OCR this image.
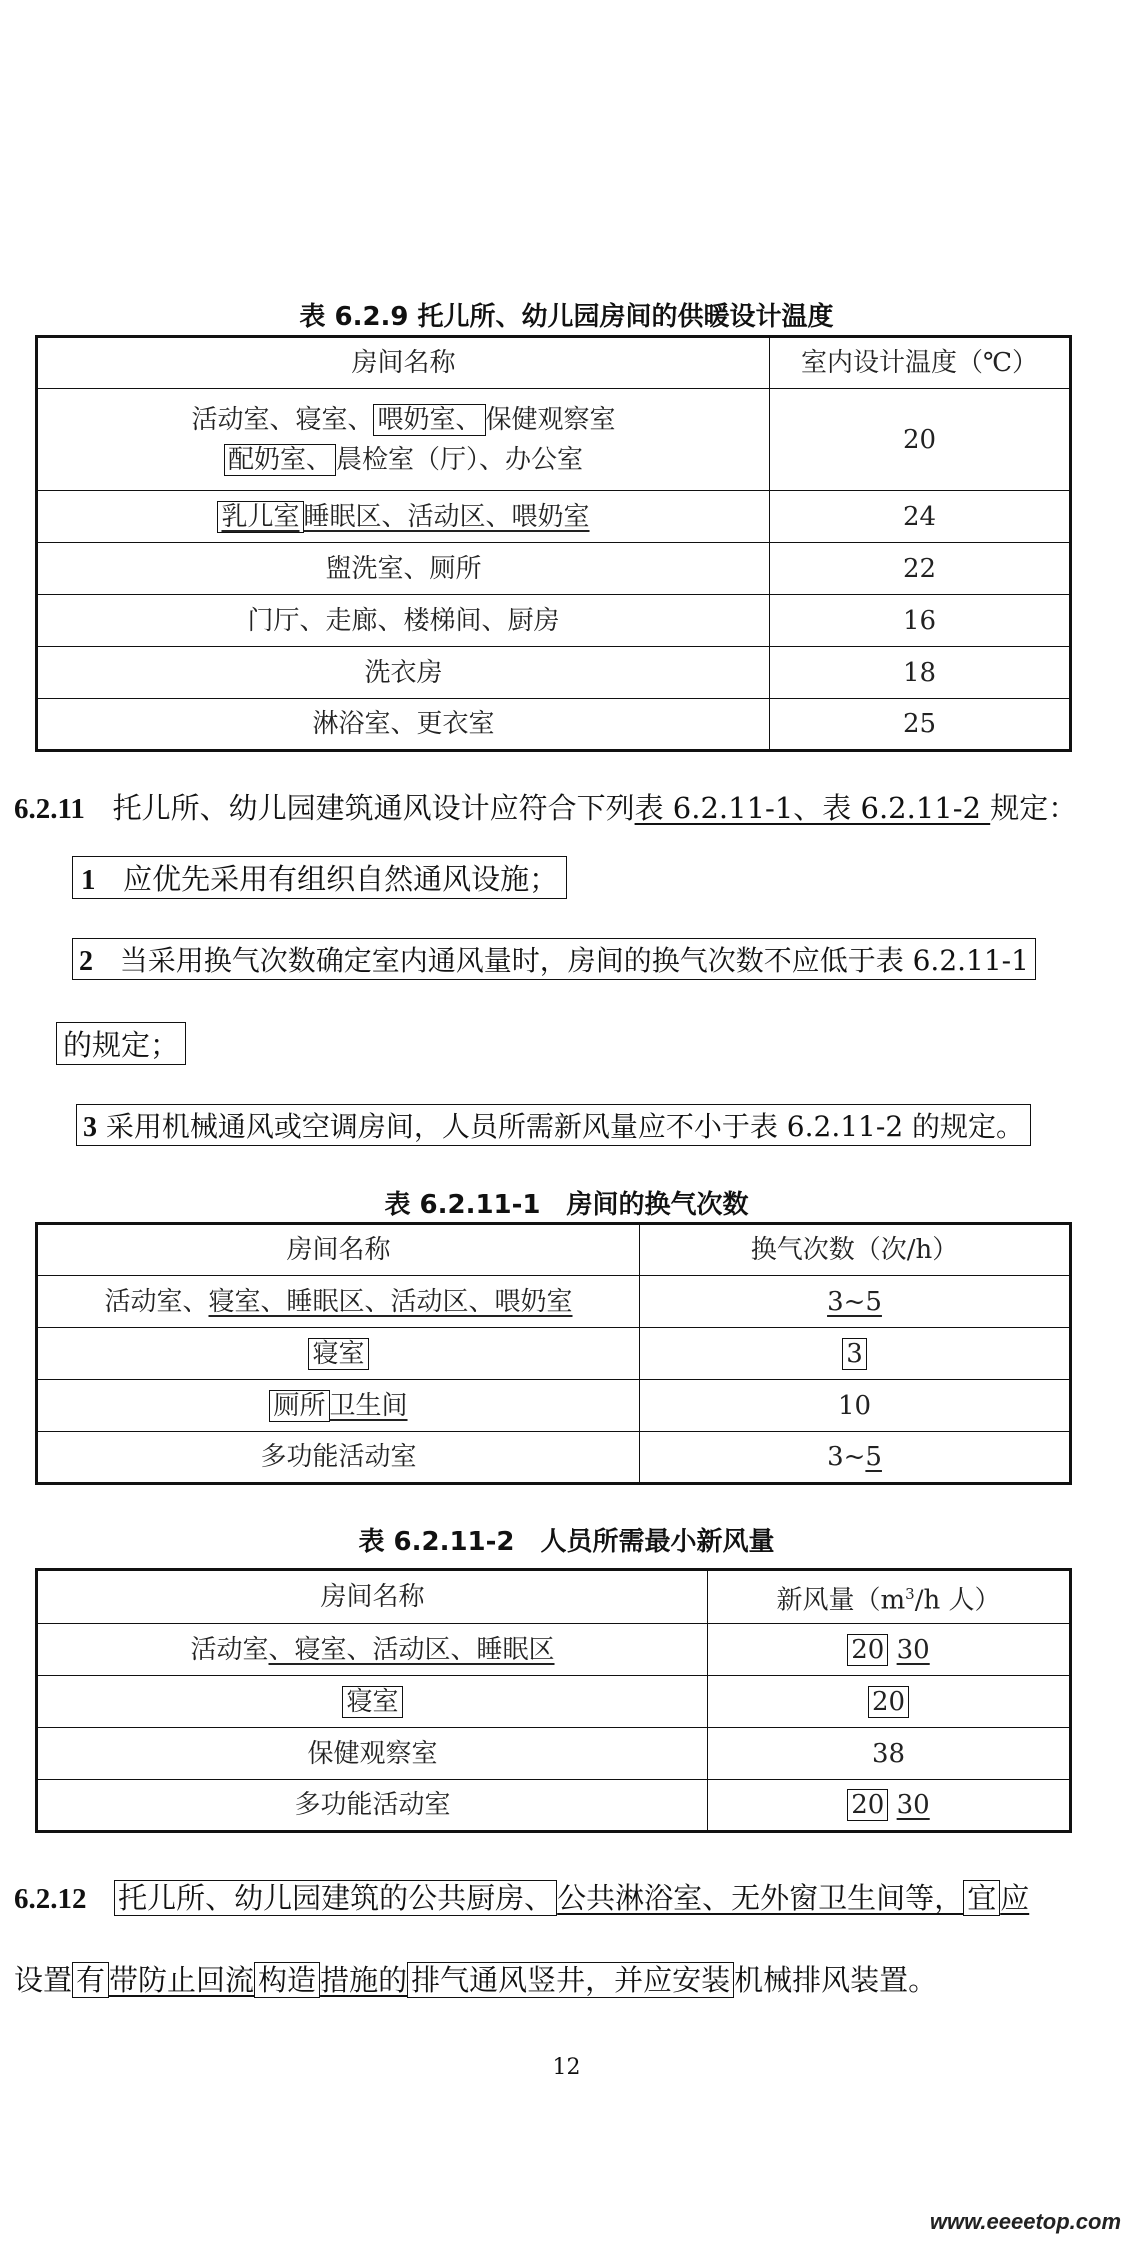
表 6.2.9 托儿所、幼儿园房间的供暖设计温度
房间名称	室内设计温度（℃）

活动室、寝室、 喂奶室、 保健观察室
配奶室、 晨检室（厅）、办公室	20
乳儿室 睡眠区、活动区、喂奶室	24
盥洗室、厕所	22
门厅、走廊、楼梯间、厨房	16
洗衣房	18
淋浴室、更衣室	25
6.2.11 托儿所、幼儿园建筑通风设计应符合下列表 6.2.11-1、表 6.2.11-2 规定：
1 应优先采用有组织自然通风设施；
2 当采用换气次数确定室内通风量时，房间的换气次数不应低于表 6.2.11-1
的规定；
3 采用机械通风或空调房间，人员所需新风量应不小于表 6.2.11-2 的规定。
表 6.2.11-1　房间的换气次数
房间名称	换气次数（次/h）
活动室、寝室、睡眠区、活动区、喂奶室	3~5
寝室	3
厕所 卫生间	10
多功能活动室	3~5
表 6.2.11-2　人员所需最小新风量
房间名称	新风量（$m^3/h$ 人）
活动室、寝室、活动区、睡眠区	20 30
寝室	20
保健观察室	38
多功能活动室	20 30
6.2.12 托儿所、幼儿园建筑的公共厨房、 公共淋浴室、无外窗卫生间等， 宜 应
设置 有 带防止回流 构造 措施的 排气通风竖井，并应安装 机械排风装置。
12
www.eeeetop.com
